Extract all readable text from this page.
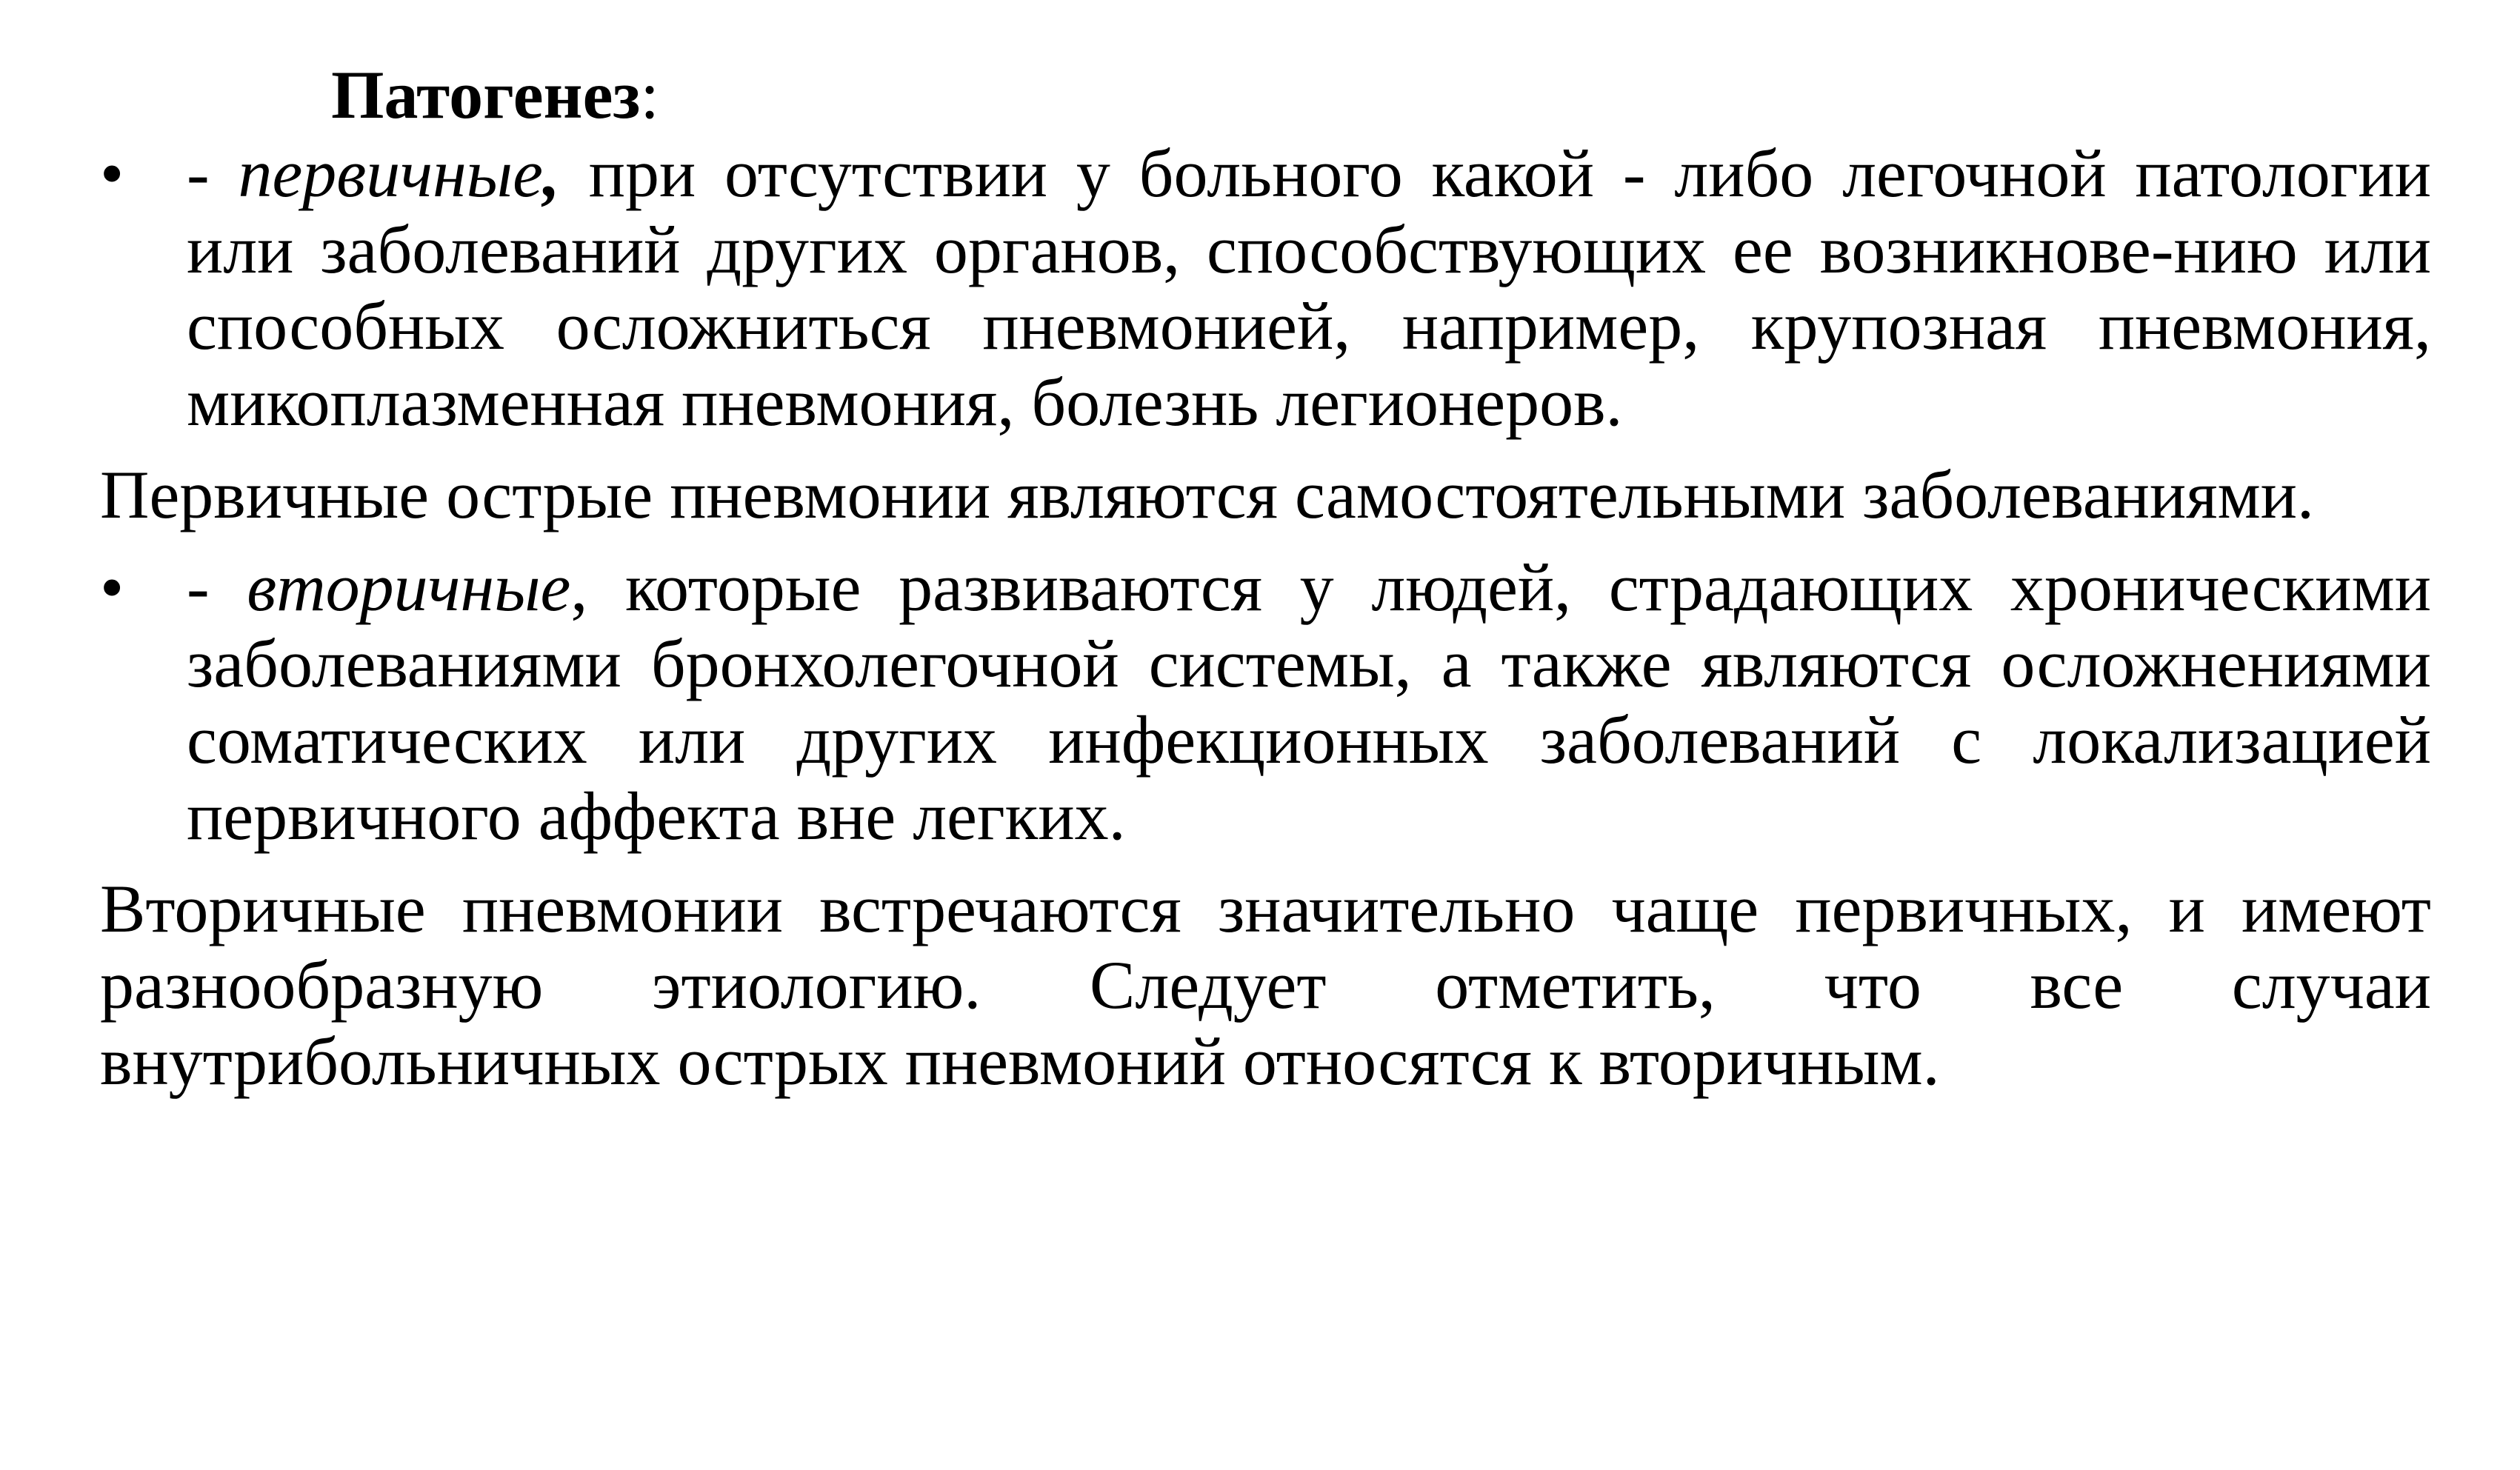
Патогенез:
• - первичные, при отсутствии у больного какой - либо легочной патологии или заболеваний других органов, способствующих ее возникнове-нию или способных осложниться пневмонией, например, крупозная пневмония, микоплазменная пневмония, болезнь легионеров.
Первичные острые пневмонии являются самостоятельными заболеваниями.
• - вторичные, которые развиваются у людей, страдающих хроническими заболеваниями бронхолегочной системы, а также являются осложнениями соматических или других инфекционных заболеваний с локализацией первичного аффекта вне легких.
Вторичные пневмонии встречаются значительно чаще первичных, и имеют разнообразную этиологию. Следует отметить, что все случаи внутрибольничных острых пневмоний относятся к вторичным.
